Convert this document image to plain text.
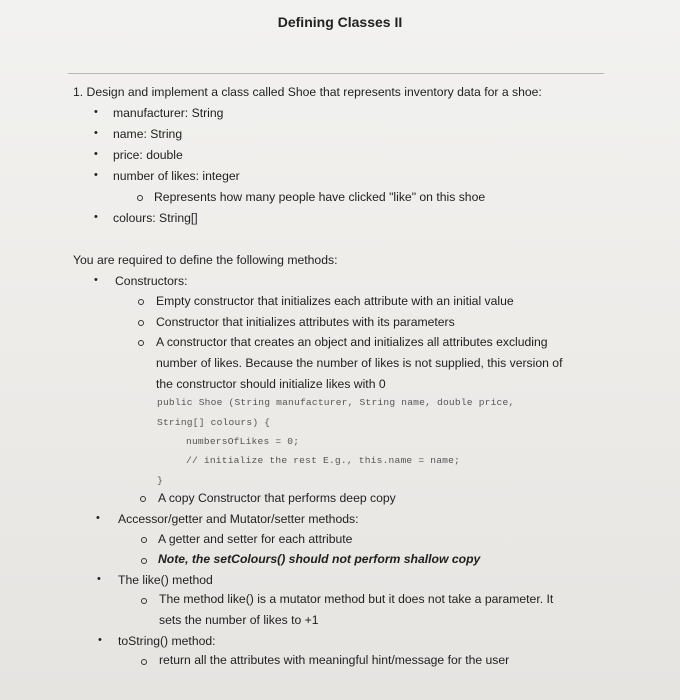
Defining Classes II
1. Design and implement a class called Shoe that represents inventory data for a shoe:
• manufacturer: String
• name: String
• price: double
• number of likes: integer
Represents how many people have clicked "like" on this shoe
• colours: String[]
You are required to define the following methods:
• Constructors:
Empty constructor that initializes each attribute with an initial value
Constructor that initializes attributes with its parameters
A constructor that creates an object and initializes all attributes excluding
number of likes. Because the number of likes is not supplied, this version of
the constructor should initialize likes with 0
public Shoe (String manufacturer, String name, double price,
String[] colours) {
numbersOfLikes = 0;
// initialize the rest E.g., this.name = name;
}
A copy Constructor that performs deep copy
• Accessor/getter and Mutator/setter methods:
A getter and setter for each attribute
Note, the setColours() should not perform shallow copy
• The like() method
The method like() is a mutator method but it does not take a parameter. It
sets the number of likes to +1
• toString() method:
return all the attributes with meaningful hint/message for the user
